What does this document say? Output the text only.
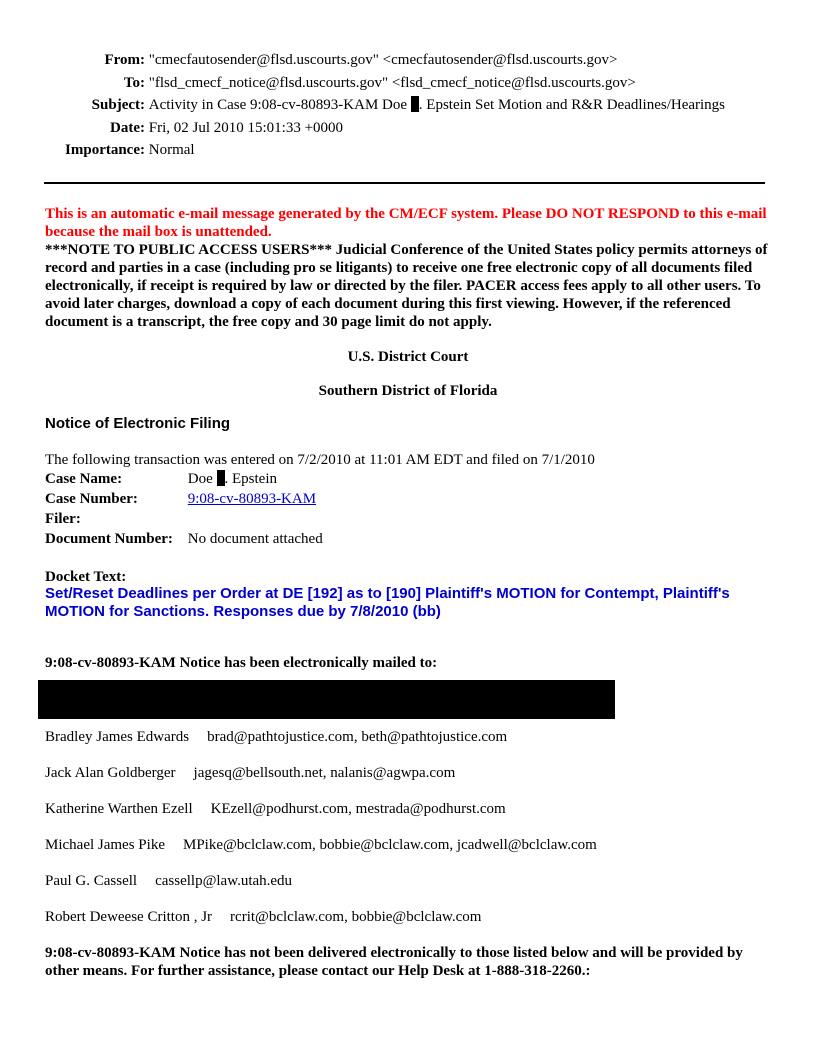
From: "cmecfautosender@flsd.uscourts.gov" <cmecfautosender@flsd.uscourts.gov>
To: "flsd_cmecf_notice@flsd.uscourts.gov" <flsd_cmecf_notice@flsd.uscourts.gov>
Subject: Activity in Case 9:08-cv-80893-KAM Doe . Epstein Set Motion and R&R Deadlines/Hearings
Date: Fri, 02 Jul 2010 15:01:33 +0000
Importance: Normal
This is an automatic e-mail message generated by the CM/ECF system. Please DO NOT RESPOND to this e-mail because the mail box is unattended.
***NOTE TO PUBLIC ACCESS USERS*** Judicial Conference of the United States policy permits attorneys of record and parties in a case (including pro se litigants) to receive one free electronic copy of all documents filed electronically, if receipt is required by law or directed by the filer. PACER access fees apply to all other users. To avoid later charges, download a copy of each document during this first viewing. However, if the referenced document is a transcript, the free copy and 30 page limit do not apply.
U.S. District Court
Southern District of Florida
Notice of Electronic Filing
The following transaction was entered on 7/2/2010 at 11:01 AM EDT and filed on 7/1/2010
Case Name:	Doe . Epstein
Case Number:	9:08-cv-80893-KAM
Filer:
Document Number: No document attached
Docket Text:
Set/Reset Deadlines per Order at DE [192] as to [190] Plaintiff's MOTION for Contempt, Plaintiff's MOTION for Sanctions. Responses due by 7/8/2010 (bb)
9:08-cv-80893-KAM Notice has been electronically mailed to:
Bradley James Edwards brad@pathtojustice.com, beth@pathtojustice.com
Jack Alan Goldberger jagesq@bellsouth.net, nalanis@agwpa.com
Katherine Warthen Ezell KEzell@podhurst.com, mestrada@podhurst.com
Michael James Pike MPike@bclclaw.com, bobbie@bclclaw.com, jcadwell@bclclaw.com
Paul G. Cassell cassellp@law.utah.edu
Robert Deweese Critton , Jr rcrit@bclclaw.com, bobbie@bclclaw.com
9:08-cv-80893-KAM Notice has not been delivered electronically to those listed below and will be provided by other means. For further assistance, please contact our Help Desk at 1-888-318-2260.:
